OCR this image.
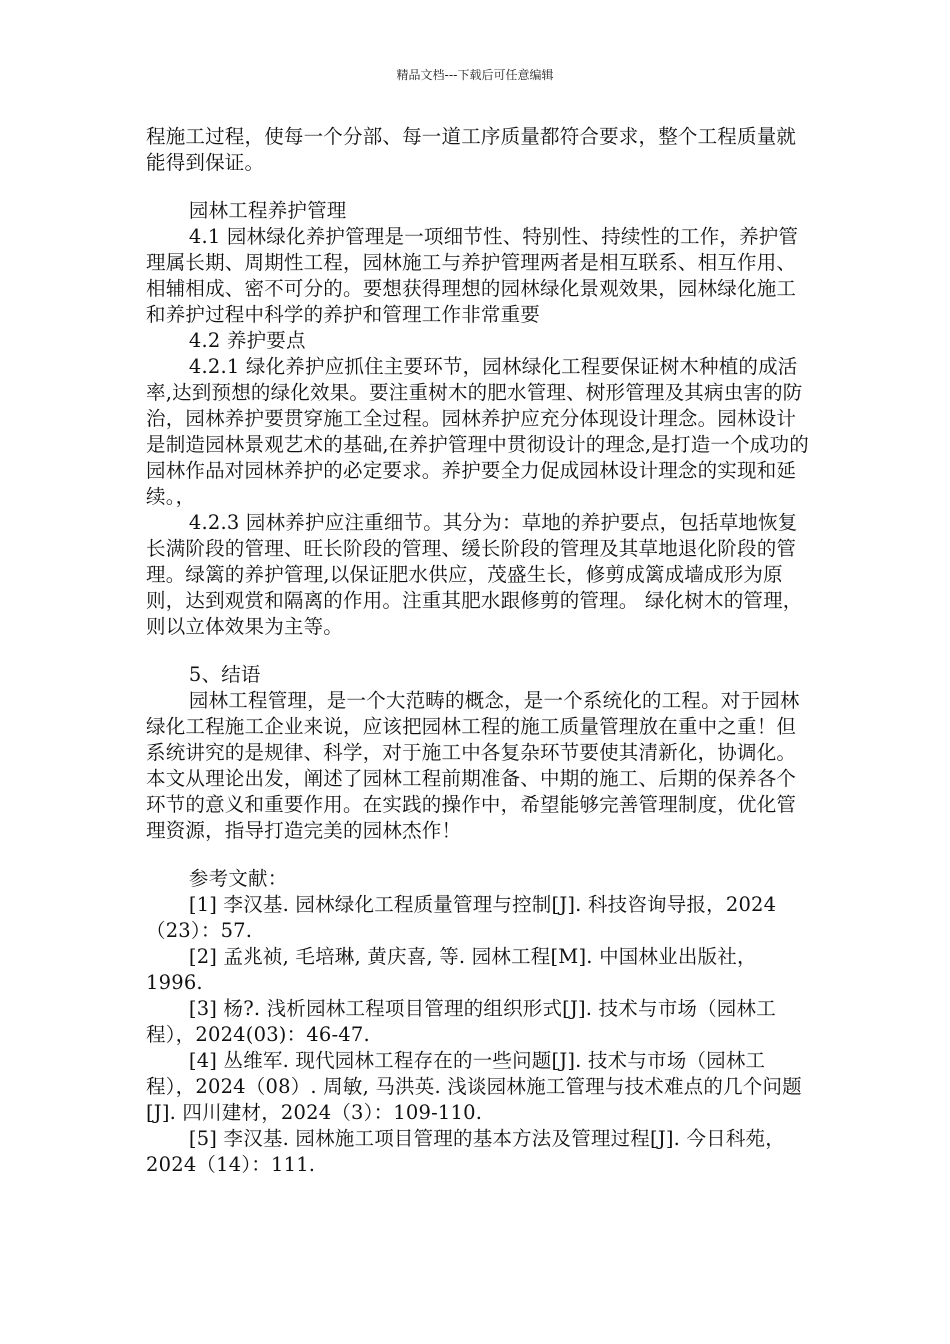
精品文档---下载后可任意编辑

程施工过程，使每一个分部、每一道工序质量都符合要求，整个工程质量就能得到保证。

园林工程养护管理

4.1 园林绿化养护管理是一项细节性、特别性、持续性的工作，养护管理属长期、周期性工程，园林施工与养护管理两者是相互联系、相互作用、相辅相成、密不可分的。要想获得理想的园林绿化景观效果，园林绿化施工和养护过程中科学的养护和管理工作非常重要

4.2 养护要点

4.2.1 绿化养护应抓住主要环节，园林绿化工程要保证树木种植的成活率,达到预想的绿化效果。要注重树木的肥水管理、树形管理及其病虫害的防治，园林养护要贯穿施工全过程。园林养护应充分体现设计理念。园林设计是制造园林景观艺术的基础,在养护管理中贯彻设计的理念,是打造一个成功的园林作品对园林养护的必定要求。养护要全力促成园林设计理念的实现和延续。，

4.2.3 园林养护应注重细节。其分为：草地的养护要点，包括草地恢复长满阶段的管理、旺长阶段的管理、缓长阶段的管理及其草地退化阶段的管理。绿篱的养护管理,以保证肥水供应，茂盛生长，修剪成篱成墙成形为原则，达到观赏和隔离的作用。注重其肥水跟修剪的管理。 绿化树木的管理，则以立体效果为主等。

5、结语

园林工程管理，是一个大范畴的概念，是一个系统化的工程。对于园林绿化工程施工企业来说，应该把园林工程的施工质量管理放在重中之重！但系统讲究的是规律、科学，对于施工中各复杂环节要使其清新化，协调化。本文从理论出发，阐述了园林工程前期准备、中期的施工、后期的保养各个环节的意义和重要作用。在实践的操作中，希望能够完善管理制度，优化管理资源，指导打造完美的园林杰作！

参考文献：

[1] 李汉基. 园林绿化工程质量管理与控制[J]. 科技咨询导报，2024（23）：57.

[2] 孟兆祯, 毛培琳, 黄庆喜, 等. 园林工程[M]. 中国林业出版社，1996.

[3] 杨?. 浅析园林工程项目管理的组织形式[J]. 技术与市场（园林工程），2024(03)：46-47.

[4] 丛维军. 现代园林工程存在的一些问题[J]. 技术与市场（园林工程），2024（08）. 周敏, 马洪英. 浅谈园林施工管理与技术难点的几个问题[J]. 四川建材，2024（3）：109-110.

[5] 李汉基. 园林施工项目管理的基本方法及管理过程[J]. 今日科苑，2024（14）：111.
